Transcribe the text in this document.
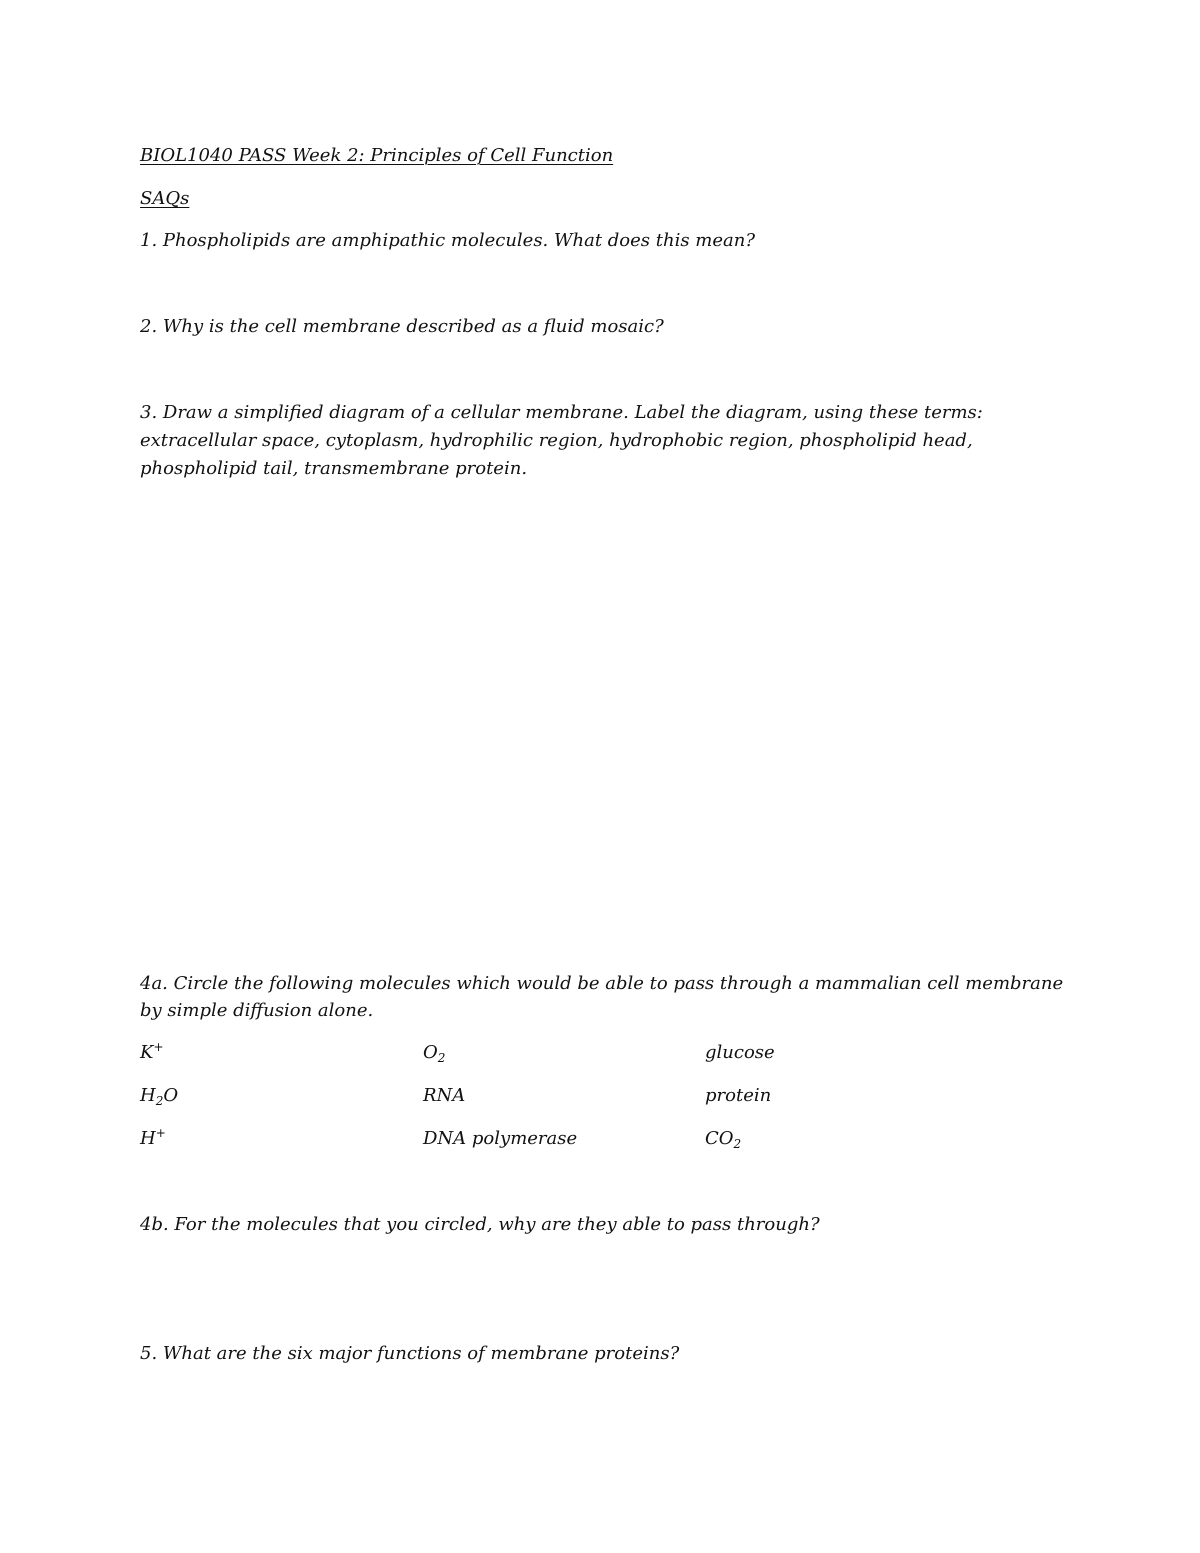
BIOL1040 PASS Week 2: Principles of Cell Function
SAQs
1. Phospholipids are amphipathic molecules. What does this mean?
2. Why is the cell membrane described as a fluid mosaic?
3. Draw a simplified diagram of a cellular membrane. Label the diagram, using these terms:
extracellular space, cytoplasm, hydrophilic region, hydrophobic region, phospholipid head,
phospholipid tail, transmembrane protein.
4a. Circle the following molecules which would be able to pass through a mammalian cell membrane
by simple diffusion alone.
K+	$O_2$	glucose
$H_2O$	RNA	protein
H+	DNA polymerase	$CO_2$
4b. For the molecules that you circled, why are they able to pass through?
5. What are the six major functions of membrane proteins?
